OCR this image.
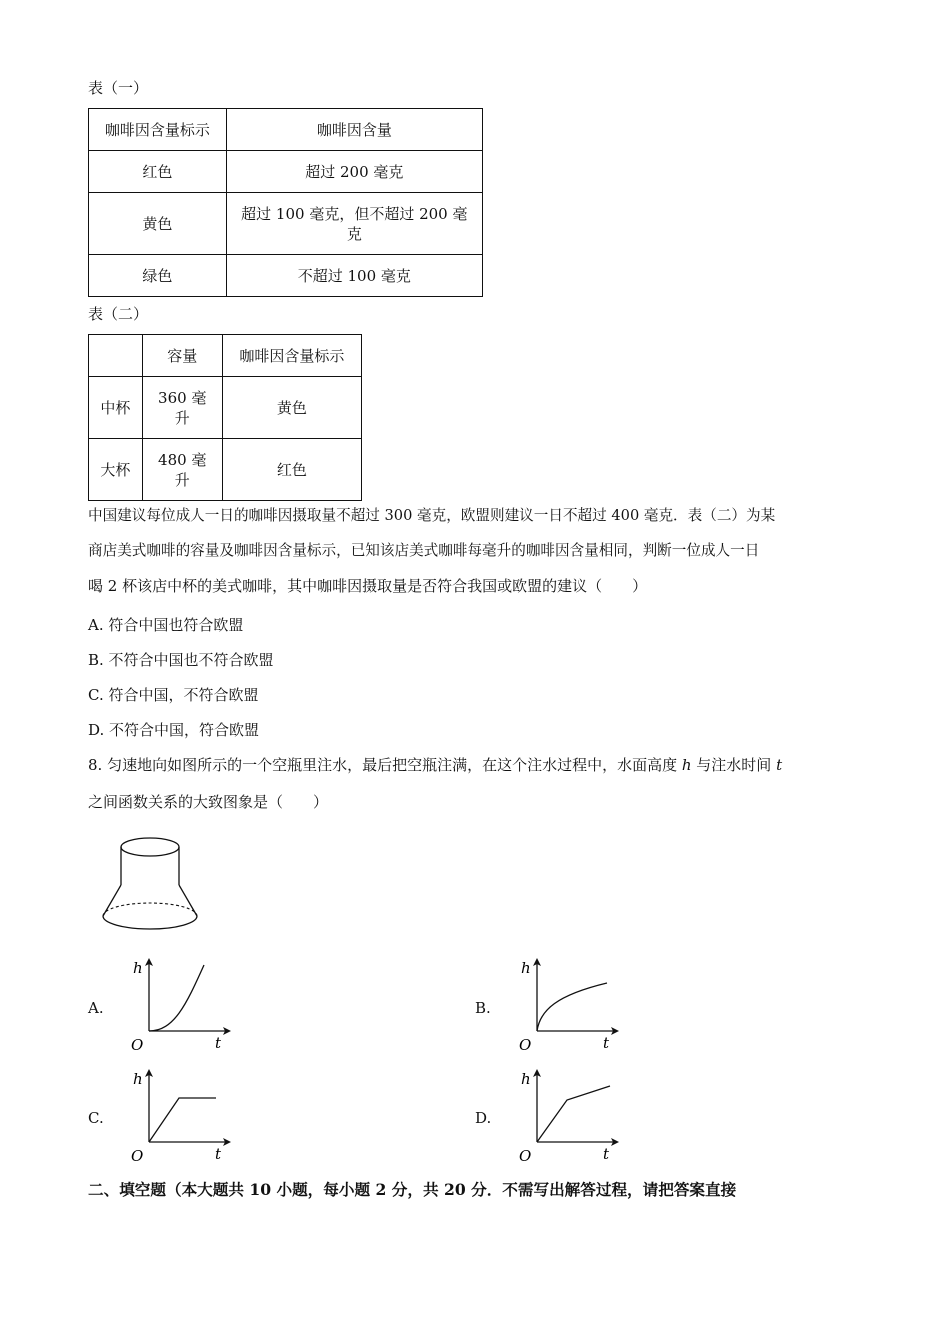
表（一）
咖啡因含量标示	咖啡因含量
红色	超过 200 毫克
黄色	超过 100 毫克，但不超过 200 毫克
绿色	不超过 100 毫克
表（二）
	容量	咖啡因含量标示
中杯	360 毫升	黄色
大杯	480 毫升	红色
中国建议每位成人一日的咖啡因摄取量不超过 300 毫克，欧盟则建议一日不超过 400 毫克．表（二）为某
商店美式咖啡的容量及咖啡因含量标示，已知该店美式咖啡每毫升的咖啡因含量相同，判断一位成人一日
喝 2 杯该店中杯的美式咖啡，其中咖啡因摄取量是否符合我国或欧盟的建议（　　）
A. 符合中国也符合欧盟
B. 不符合中国也不符合欧盟
C. 符合中国，不符合欧盟
D. 不符合中国，符合欧盟
8. 匀速地向如图所示的一个空瓶里注水，最后把空瓶注满，在这个注水过程中，水面高度 h 与注水时间 t
之间函数关系的大致图象是（　　）
A.	B.
C.	D.
h
t
O
h
t
O
h
t
O
h
t
O
二、填空题（本大题共 10 小题，每小题 2 分，共 20 分．不需写出解答过程，请把答案直接
